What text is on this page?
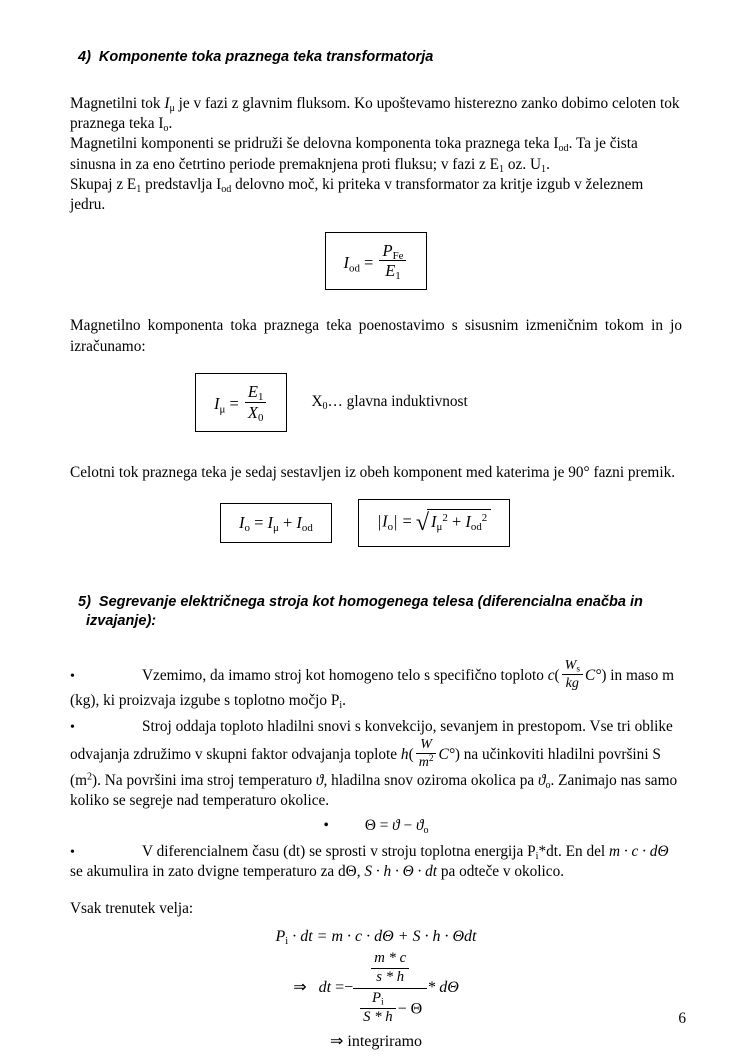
4) Komponente toka praznega teka transformatorja

Magnetilni tok $I_\mu$ je v fazi z glavnim fluksom. Ko upoštevamo histerezno zanko dobimo celoten tok praznega teka $I_o$.

Magnetilni komponenti se pridruži še delovna komponenta toka praznega teka $I_{od}$. Ta je čista sinusna in za eno četrtino periode premaknjena proti fluksu; v fazi z $E_1$ oz. $U_1$.

Skupaj z $E_1$ predstavlja $I_{od}$ delovno moč, ki priteka v transformator za kritje izgub v železnem jedru.

$I_{od} = \frac{P_{Fe}}{E_1}$

Magnetilno komponenta toka praznega teka poenostavimo s sisusnim izmeničnim tokom in jo izračunamo:

$I_\mu = \frac{E_1}{X_0}$	$X_0\dots$ glavna induktivnost

Celotni tok praznega teka je sedaj sestavljen iz obeh komponent med katerima je 90° fazni premik.

$I_o = I_\mu + I_{od}$	$|I_o|$ = √ $I_\mu^2 + I_{od}^2$
5) Segrevanje električnega stroja kot homogenega telesa (diferencialna enačba in izvajanje):
•Vzemimo, da imamo stroj kot homogeno telo s specifično toploto $c( \frac{W_s}{kg} C^\circ)$ in maso m (kg), ki proizvaja izgube s toplotno močjo $P_i$.
•Stroj oddaja toploto hladilni snovi s konvekcijo, sevanjem in prestopom. Vse tri oblike odvajanja združimo v skupni faktor odvajanja toplote $h( \frac{W}{m^2} C^\circ)$ na učinkoviti hladilni površini S $(m^2)$. Na površini ima stroj temperaturo ϑ, hladilna snov oziroma okolica pa $ϑ_o$. Zanimajo nas samo koliko se segreje nad temperaturo okolice.
• $\Theta = ϑ - ϑ_o$
•V diferencialnem času (dt) se sprosti v stroju toplotna energija $P_i*dt$. En del m · c · dΘ se akumulira in zato dvigne temperaturo za dΘ, S · h · Θ · dt pa odteče v okolico.

Vsak trenutek velja:

$P_i$ · dt = m · c · dΘ + S · h · Θdt
⇒ dt =− $\frac{\frac{m * c}{s * h}}{\frac{P_i}{S * h} - \Theta}$ * dΘ
⇒ integriramo
6
